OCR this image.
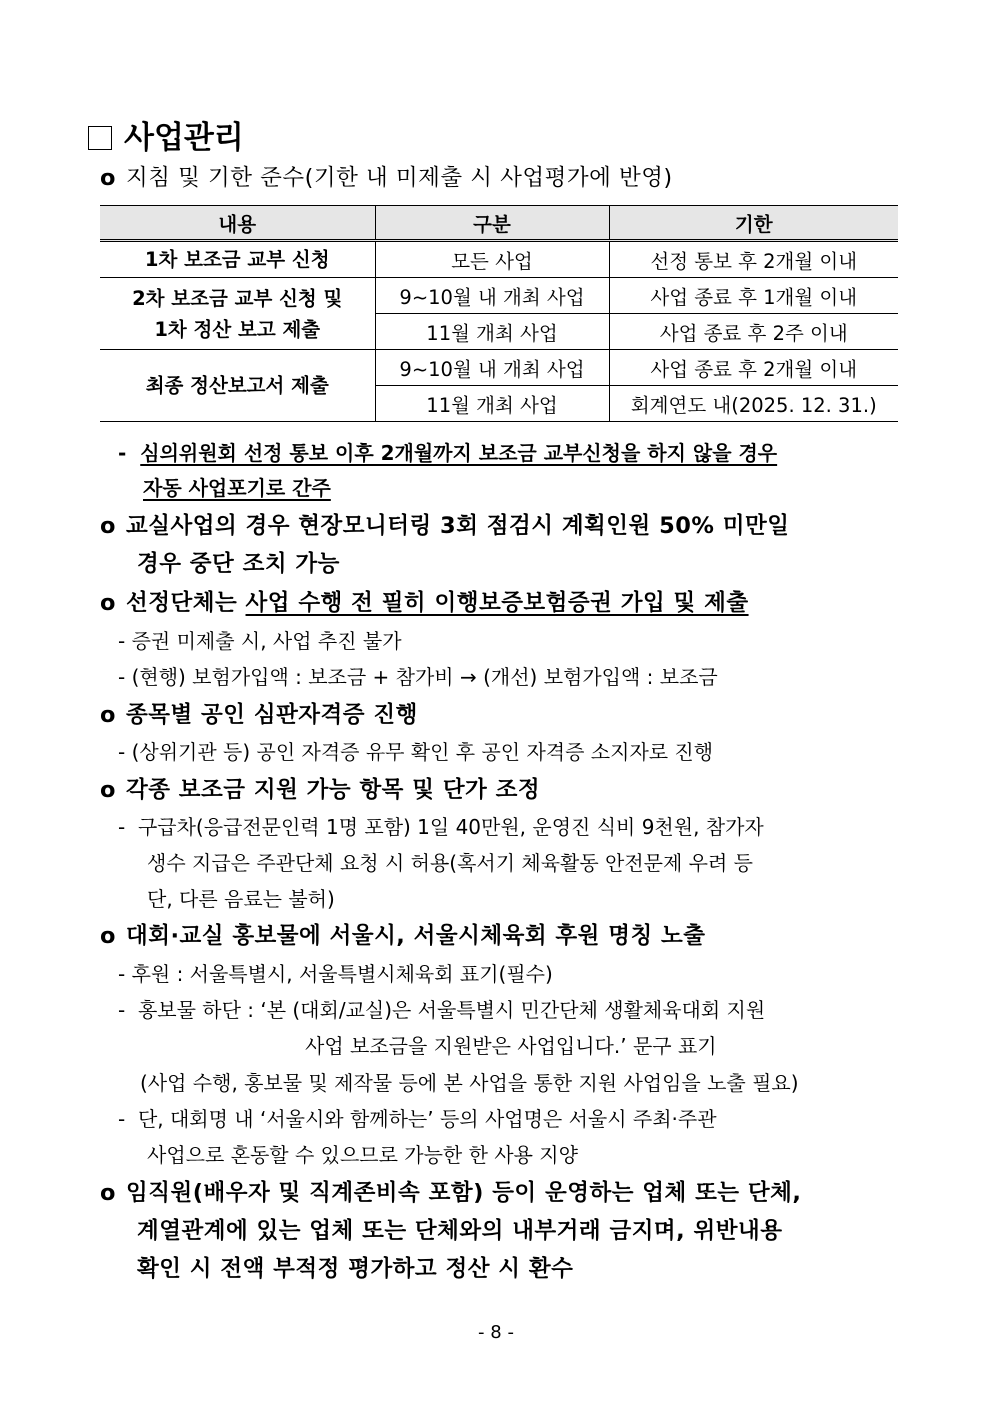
사업관리
o 지침 및 기한 준수(기한 내 미제출 시 사업평가에 반영)
내용	구분	기한
1차 보조금 교부 신청	모든 사업	선정 통보 후 2개월 이내

2차 보조금 교부 신청 및
1차 정산 보고 제출	9~10월 내 개최 사업	사업 종료 후 1개월 이내
	11월 개최 사업	사업 종료 후 2주 이내
최종 정산보고서 제출	9~10월 내 개최 사업	사업 종료 후 2개월 이내
	11월 개최 사업	회계연도 내(2025. 12. 31.)
- 심의위원회 선정 통보 이후 2개월까지 보조금 교부신청을 하지 않을 경우
자동 사업포기로 간주
o 교실사업의 경우 현장모니터링 3회 점검시 계획인원 50% 미만일
경우 중단 조치 가능
o 선정단체는 사업 수행 전 필히 이행보증보험증권 가입 및 제출
- 증권 미제출 시, 사업 추진 불가
- (현행) 보험가입액 : 보조금 + 참가비 → (개선) 보험가입액 : 보조금
o 종목별 공인 심판자격증 진행
- (상위기관 등) 공인 자격증 유무 확인 후 공인 자격증 소지자로 진행
o 각종 보조금 지원 가능 항목 및 단가 조정
- 구급차(응급전문인력 1명 포함) 1일 40만원, 운영진 식비 9천원, 참가자
생수 지급은 주관단체 요청 시 허용(혹서기 체육활동 안전문제 우려 등
단, 다른 음료는 불허)
o 대회·교실 홍보물에 서울시, 서울시체육회 후원 명칭 노출
- 후원 : 서울특별시, 서울특별시체육회 표기(필수)
- 홍보물 하단 : ‘본 (대회/교실)은 서울특별시 민간단체 생활체육대회 지원
사업 보조금을 지원받은 사업입니다.’ 문구 표기
(사업 수행, 홍보물 및 제작물 등에 본 사업을 통한 지원 사업임을 노출 필요)
- 단, 대회명 내 ‘서울시와 함께하는’ 등의 사업명은 서울시 주최·주관
사업으로 혼동할 수 있으므로 가능한 한 사용 지양
o 임직원(배우자 및 직계존비속 포함) 등이 운영하는 업체 또는 단체,
계열관계에 있는 업체 또는 단체와의 내부거래 금지며, 위반내용
확인 시 전액 부적정 평가하고 정산 시 환수
- 8 -
